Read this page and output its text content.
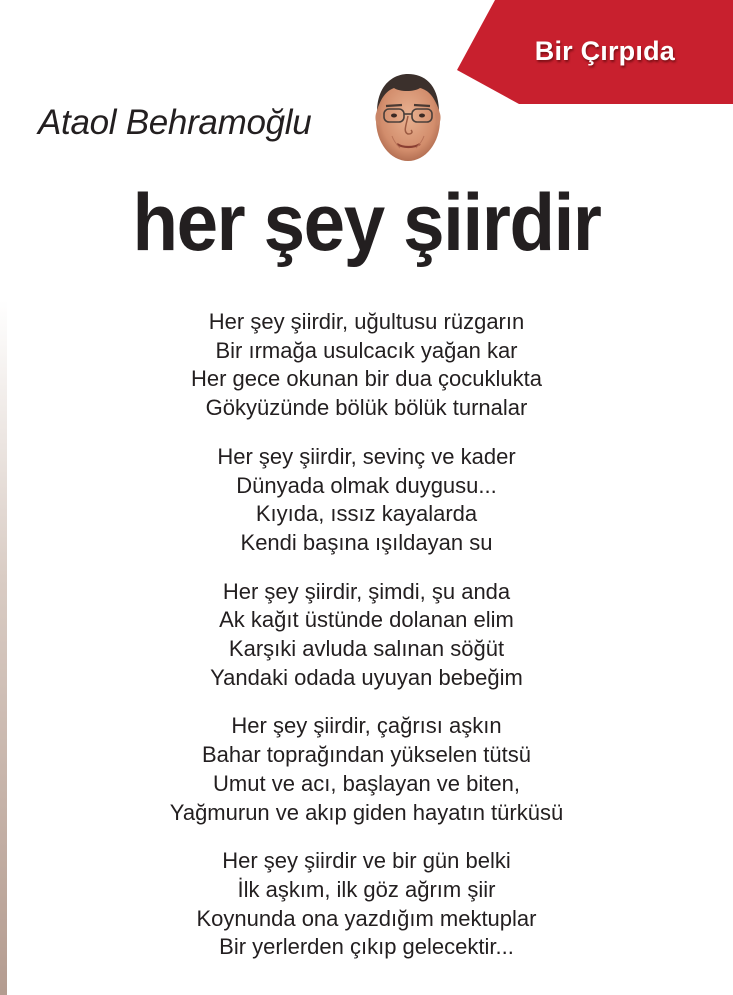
Bir Çırpıda
Ataol Behramoğlu
her şey şiirdir
Her şey şiirdir, uğultusu rüzgarın
Bir ırmağa usulcacık yağan kar
Her gece okunan bir dua çocuklukta
Gökyüzünde bölük bölük turnalar
Her şey şiirdir, sevinç ve kader
Dünyada olmak duygusu...
Kıyıda, ıssız kayalarda
Kendi başına ışıldayan su
Her şey şiirdir, şimdi, şu anda
Ak kağıt üstünde dolanan elim
Karşıki avluda salınan söğüt
Yandaki odada uyuyan bebeğim
Her şey şiirdir, çağrısı aşkın
Bahar toprağından yükselen tütsü
Umut ve acı, başlayan ve biten,
Yağmurun ve akıp giden hayatın türküsü
Her şey şiirdir ve bir gün belki
İlk aşkım, ilk göz ağrım şiir
Koynunda ona yazdığım mektuplar
Bir yerlerden çıkıp gelecektir...
